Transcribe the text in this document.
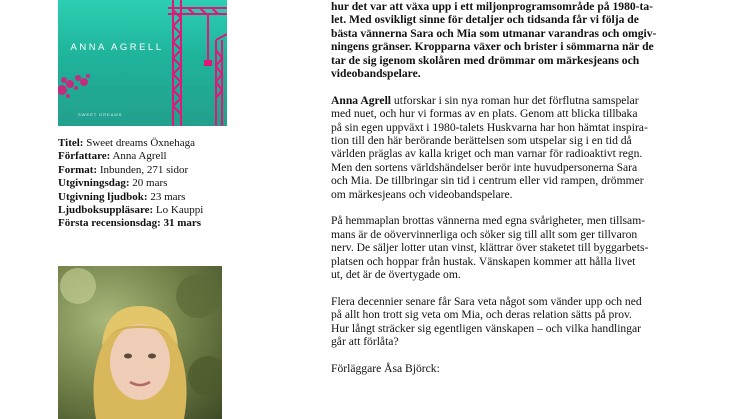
ANNA AGRELL
SWEET DREAMS
Titel: Sweet dreams Öxnehaga
Författare: Anna Agrell
Format: Inbunden, 271 sidor
Utgivningsdag: 20 mars
Utgivning ljudbok: 23 mars
Ljudboksuppläsare: Lo Kauppi
Första recensionsdag: 31 mars

hur det var att växa upp i ett miljonprogramsområde på 1980-ta-
let. Med osvikligt sinne för detaljer och tidsanda får vi följa de
bästa vännerna Sara och Mia som utmanar varandras och omgiv-
ningens gränser. Kropparna växer och brister i sömmarna när de
tar de sig igenom skolåren med drömmar om märkesjeans och
videobandspelare.

Anna Agrell utforskar i sin nya roman hur det förflutna samspelar
med nuet, och hur vi formas av en plats. Genom att blicka tillbaka
på sin egen uppväxt i 1980-talets Huskvarna har hon hämtat inspira-
tion till den här berörande berättelsen som utspelar sig i en tid då
världen präglas av kalla kriget och man varnar för radioaktivt regn.
Men den sortens världshändelser berör inte huvudpersonerna Sara
och Mia. De tillbringar sin tid i centrum eller vid rampen, drömmer
om märkesjeans och videobandspelare.

På hemmaplan brottas vännerna med egna svårigheter, men tillsam-
mans är de oövervinnerliga och söker sig till allt som ger tillvaron
nerv. De säljer lotter utan vinst, klättrar över staketet till byggarbets-
platsen och hoppar från hustak. Vänskapen kommer att hålla livet
ut, det är de övertygade om.

Flera decennier senare får Sara veta något som vänder upp och ned
på allt hon trott sig veta om Mia, och deras relation sätts på prov.
Hur långt sträcker sig egentligen vänskapen – och vilka handlingar
går att förlåta?

Förläggare Åsa Björck:
